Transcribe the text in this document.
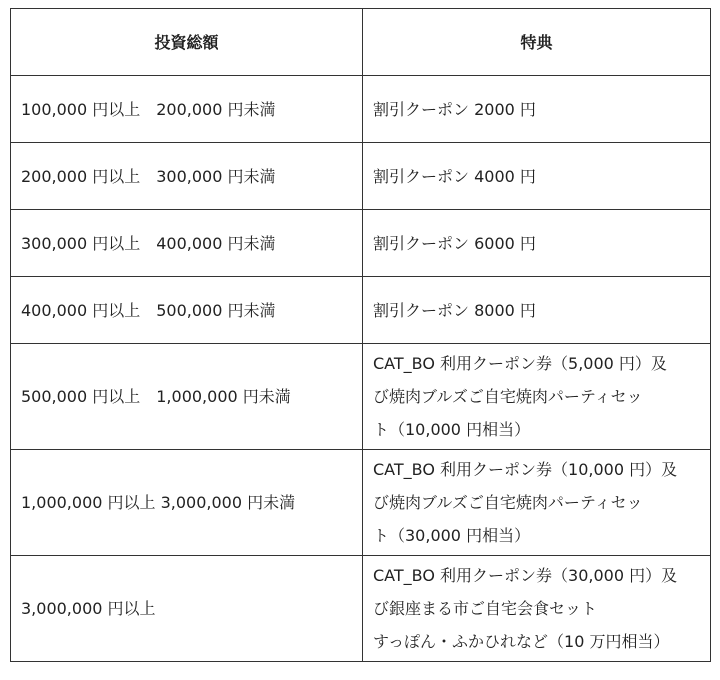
投資総額	特典
100,000 円以上　200,000 円未満	割引クーポン 2000 円

200,000 円以上　300,000 円未満	割引クーポン 4000 円

300,000 円以上　400,000 円未満	割引クーポン 6000 円

400,000 円以上　500,000 円未満	割引クーポン 8000 円

500,000 円以上　1,000,000 円未満	CAT_BO 利用クーポン券（5,000 円）及
び焼肉ブルズご自宅焼肉パーティセッ
ト（10,000 円相当）

1,000,000 円以上 3,000,000 円未満	CAT_BO 利用クーポン券（10,000 円）及
び焼肉ブルズご自宅焼肉パーティセッ
ト（30,000 円相当）

3,000,000 円以上	CAT_BO 利用クーポン券（30,000 円）及
び銀座まる市ご自宅会食セット
すっぽん・ふかひれなど（10 万円相当）
